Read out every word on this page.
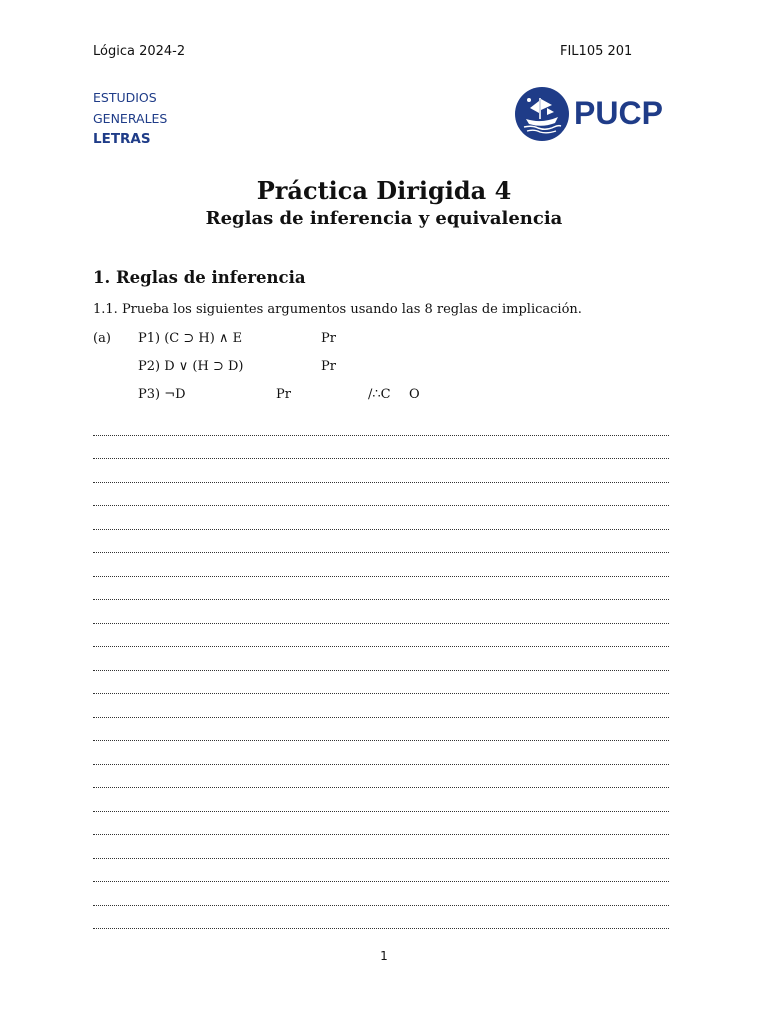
Lógica 2024-2	FIL105 201
ESTUDIOS
GENERALES
LETRAS
PUCP
Práctica Dirigida 4
Reglas de inferencia y equivalencia
1. Reglas de inferencia
1.1. Prueba los siguientes argumentos usando las 8 reglas de implicación.
(a) P1) (C ⊃ H) ∧ E	Pr
P2) D ∨ (H ⊃ D)	Pr
P3) ¬D	Pr	/∴C O
1
